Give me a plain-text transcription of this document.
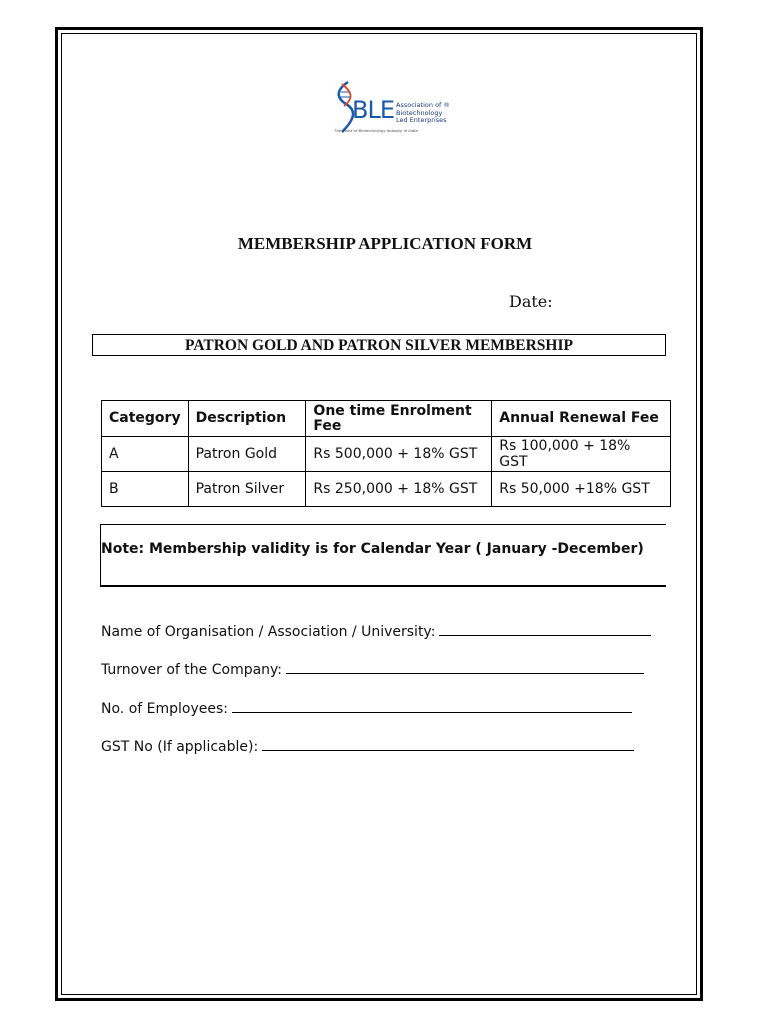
BLE Association of ®
Biotechnology
Led Enterprises
The Voice of Biotechnology Industry In India
MEMBERSHIP APPLICATION FORM
Date:
PATRON GOLD AND PATRON SILVER MEMBERSHIP
Category	Description	One time Enrolment Fee	Annual Renewal Fee
A	Patron Gold	Rs 500,000 + 18% GST	Rs 100,000 + 18% GST
B	Patron Silver	Rs 250,000 + 18% GST	Rs 50,000 +18% GST
Note: Membership validity is for Calendar Year ( January -December)
Name of Organisation / Association / University:
Turnover of the Company:
No. of Employees:
GST No (If applicable):
